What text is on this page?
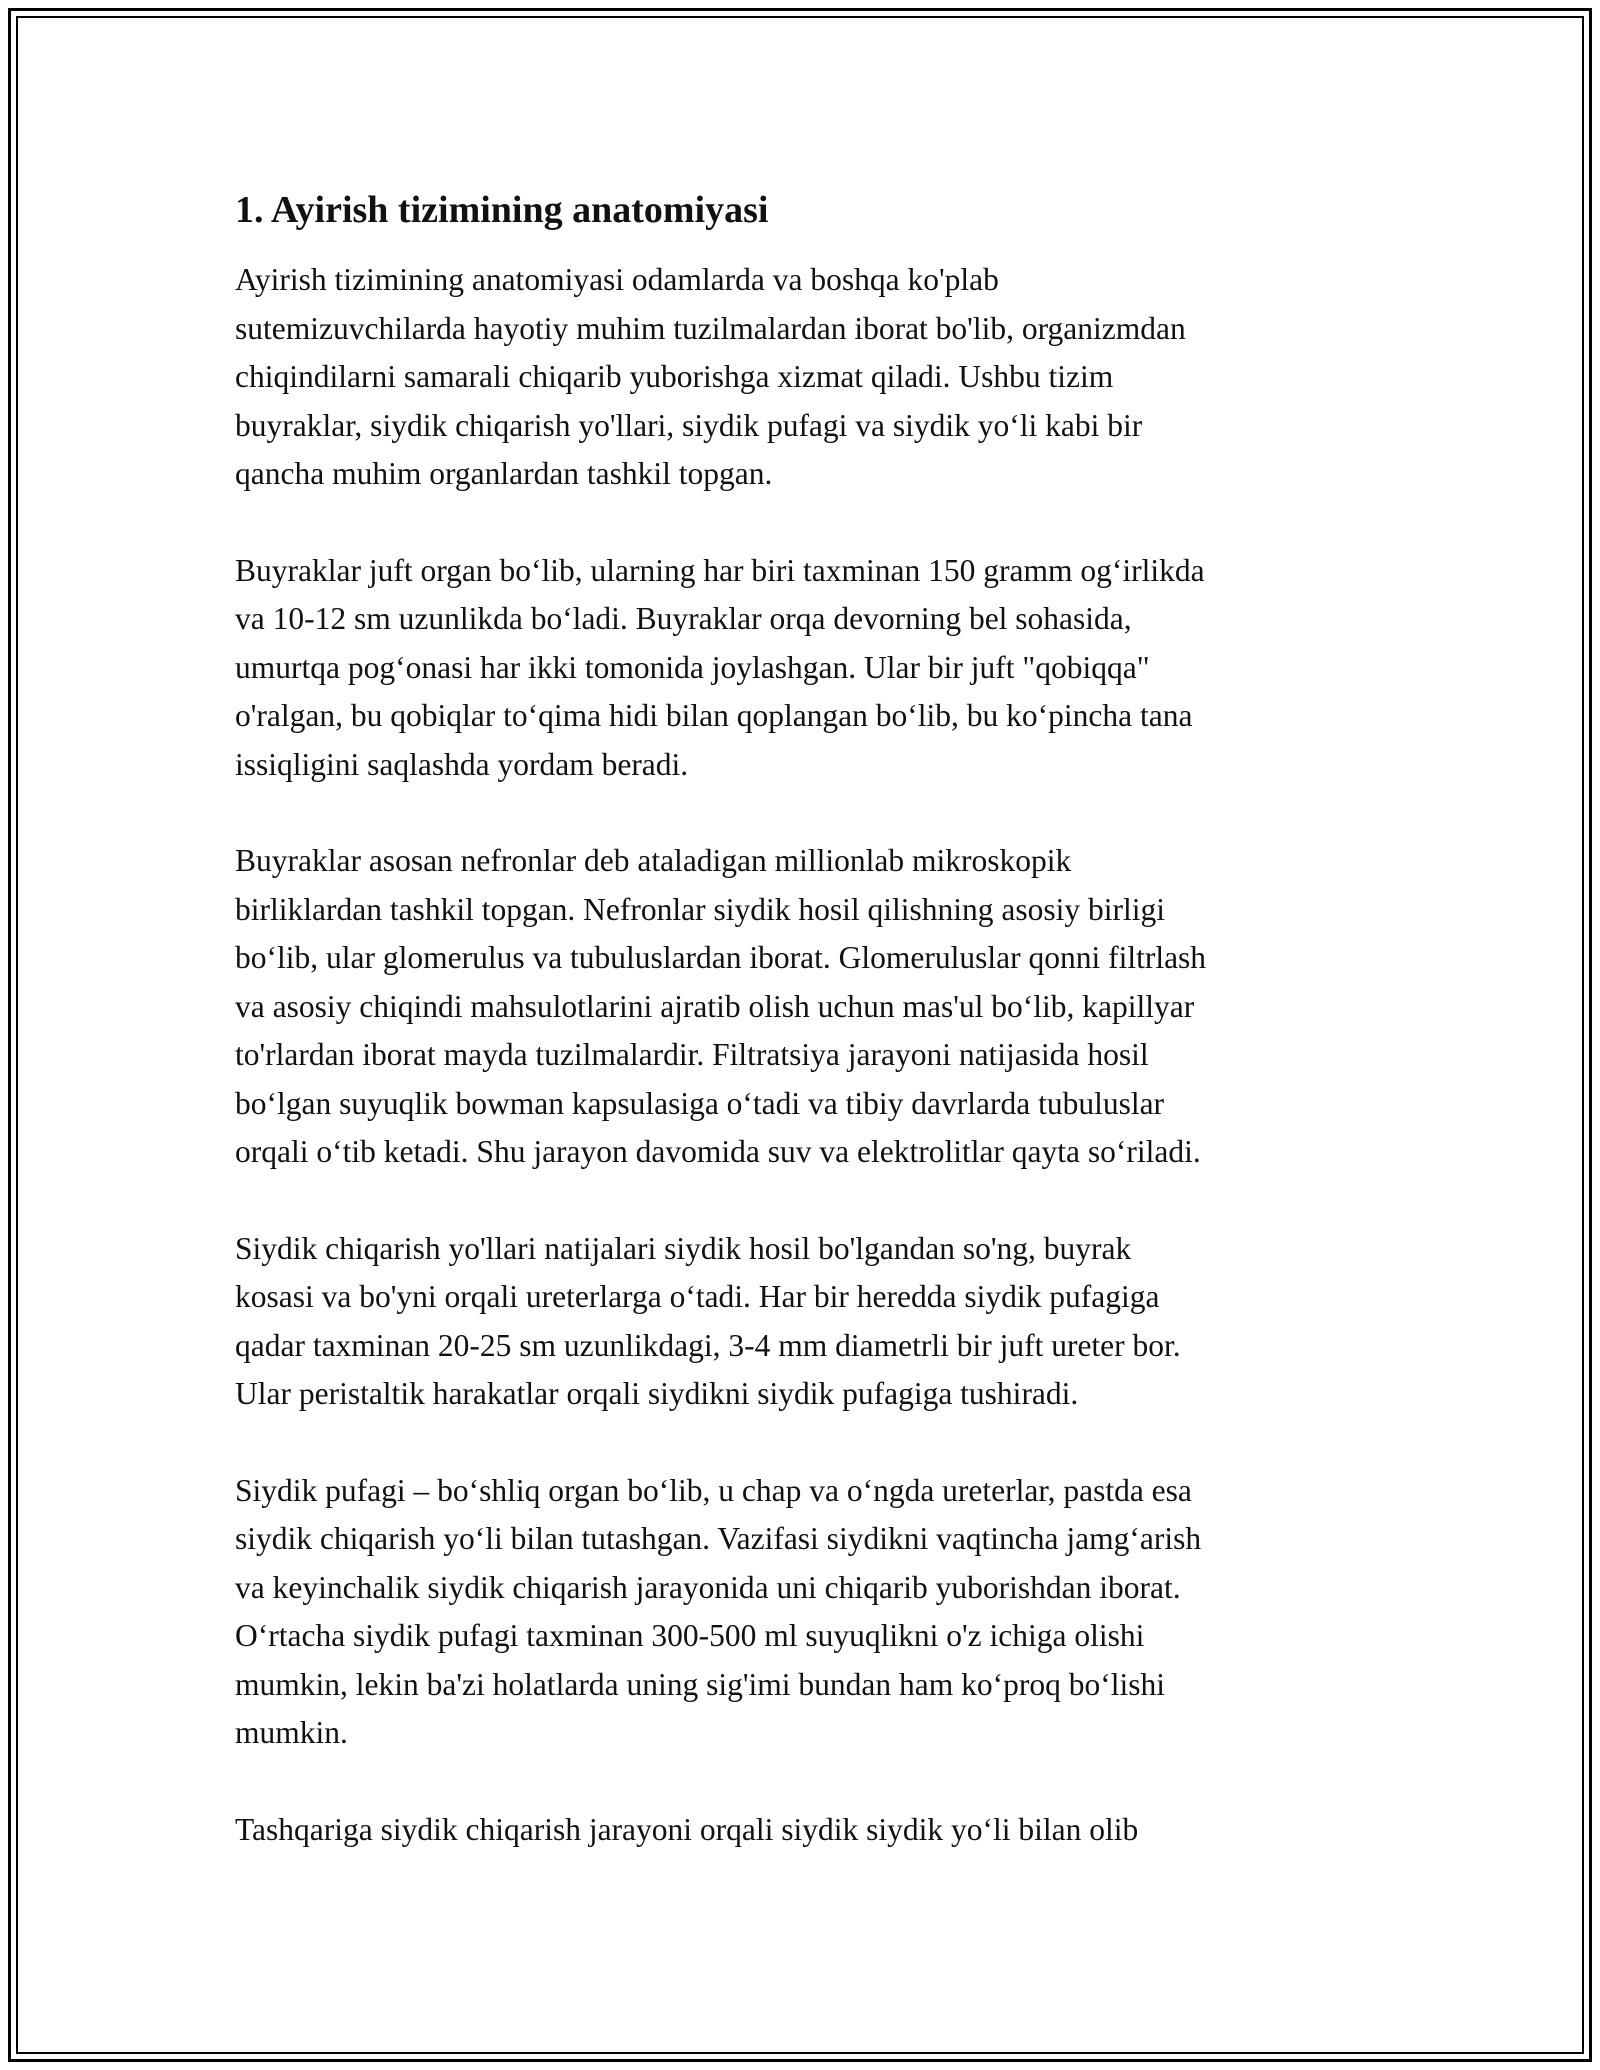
1. Ayirish tizimining anatomiyasi

Ayirish tizimining anatomiyasi odamlarda va boshqa ko'plab
sutemizuvchilarda hayotiy muhim tuzilmalardan iborat bo'lib, organizmdan
chiqindilarni samarali chiqarib yuborishga xizmat qiladi. Ushbu tizim
buyraklar, siydik chiqarish yo'llari, siydik pufagi va siydik yoʻli kabi bir
qancha muhim organlardan tashkil topgan.

Buyraklar juft organ boʻlib, ularning har biri taxminan 150 gramm ogʻirlikda
va 10-12 sm uzunlikda boʻladi. Buyraklar orqa devorning bel sohasida,
umurtqa pogʻonasi har ikki tomonida joylashgan. Ular bir juft "qobiqqa"
o'ralgan, bu qobiqlar toʻqima hidi bilan qoplangan boʻlib, bu koʻpincha tana
issiqligini saqlashda yordam beradi.

Buyraklar asosan nefronlar deb ataladigan millionlab mikroskopik
birliklardan tashkil topgan. Nefronlar siydik hosil qilishning asosiy birligi
boʻlib, ular glomerulus va tubuluslardan iborat. Glomeruluslar qonni filtrlash
va asosiy chiqindi mahsulotlarini ajratib olish uchun mas'ul boʻlib, kapillyar
to'rlardan iborat mayda tuzilmalardir. Filtratsiya jarayoni natijasida hosil
boʻlgan suyuqlik bowman kapsulasiga oʻtadi va tibiy davrlarda tubuluslar
orqali oʻtib ketadi. Shu jarayon davomida suv va elektrolitlar qayta soʻriladi.

Siydik chiqarish yo'llari natijalari siydik hosil bo'lgandan so'ng, buyrak
kosasi va bo'yni orqali ureterlarga oʻtadi. Har bir heredda siydik pufagiga
qadar taxminan 20-25 sm uzunlikdagi, 3-4 mm diametrli bir juft ureter bor.
Ular peristaltik harakatlar orqali siydikni siydik pufagiga tushiradi.

Siydik pufagi – boʻshliq organ boʻlib, u chap va oʻngda ureterlar, pastda esa
siydik chiqarish yoʻli bilan tutashgan. Vazifasi siydikni vaqtincha jamgʻarish
va keyinchalik siydik chiqarish jarayonida uni chiqarib yuborishdan iborat.
Oʻrtacha siydik pufagi taxminan 300-500 ml suyuqlikni o'z ichiga olishi
mumkin, lekin ba'zi holatlarda uning sig'imi bundan ham koʻproq boʻlishi
mumkin.

Tashqariga siydik chiqarish jarayoni orqali siydik siydik yoʻli bilan olib
